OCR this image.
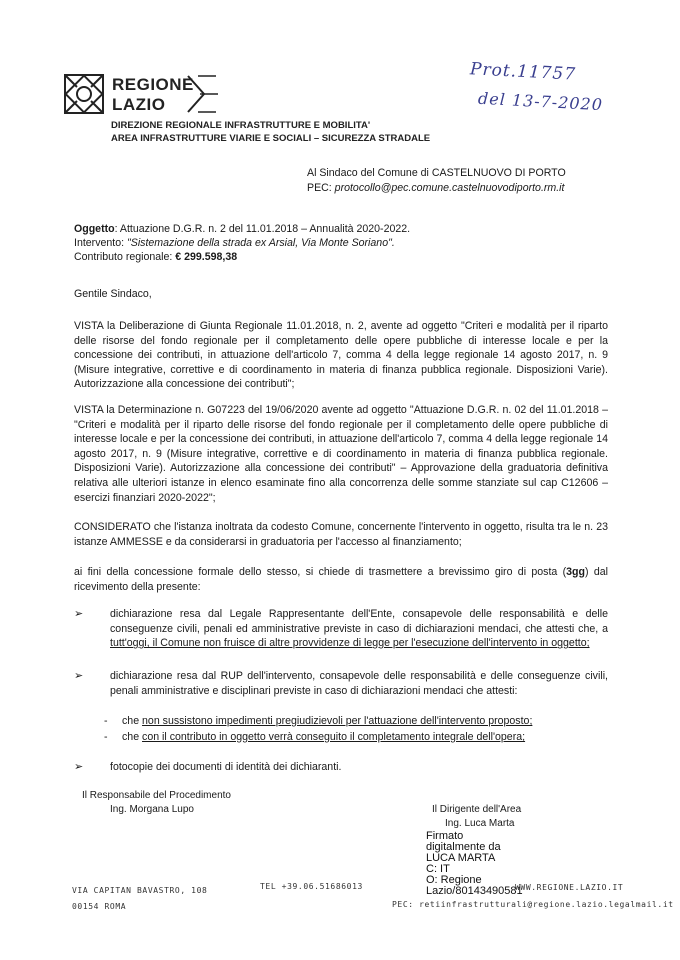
REGIONE
LAZIO
DIREZIONE REGIONALE INFRASTRUTTURE E MOBILITA'
AREA INFRASTRUTTURE VIARIE E SOCIALI – SICUREZZA STRADALE
Prot.11757
del 13-7-2020
Al Sindaco del Comune di CASTELNUOVO DI PORTO
PEC: protocollo@pec.comune.castelnuovodiporto.rm.it
Oggetto: Attuazione D.G.R. n. 2 del 11.01.2018 – Annualità 2020-2022.
Intervento: "Sistemazione della strada ex Arsial, Via Monte Soriano".
Contributo regionale: € 299.598,38
Gentile Sindaco,
VISTA la Deliberazione di Giunta Regionale 11.01.2018, n. 2, avente ad oggetto "Criteri e modalità per il riparto delle risorse del fondo regionale per il completamento delle opere pubbliche di interesse locale e per la concessione dei contributi, in attuazione dell'articolo 7, comma 4 della legge regionale 14 agosto 2017, n. 9 (Misure integrative, correttive e di coordinamento in materia di finanza pubblica regionale. Disposizioni Varie). Autorizzazione alla concessione dei contributi";
VISTA la Determinazione n. G07223 del 19/06/2020 avente ad oggetto "Attuazione D.G.R. n. 02 del 11.01.2018 – "Criteri e modalità per il riparto delle risorse del fondo regionale per il completamento delle opere pubbliche di interesse locale e per la concessione dei contributi, in attuazione dell'articolo 7, comma 4 della legge regionale 14 agosto 2017, n. 9 (Misure integrative, correttive e di coordinamento in materia di finanza pubblica regionale. Disposizioni Varie). Autorizzazione alla concessione dei contributi" – Approvazione della graduatoria definitiva relativa alle ulteriori istanze in elenco esaminate fino alla concorrenza delle somme stanziate sul cap C12606 –esercizi finanziari 2020-2022";
CONSIDERATO che l'istanza inoltrata da codesto Comune, concernente l'intervento in oggetto, risulta tra le n. 23 istanze AMMESSE e da considerarsi in graduatoria per l'accesso al finanziamento;
ai fini della concessione formale dello stesso, si chiede di trasmettere a brevissimo giro di posta (3gg) dal ricevimento della presente:
➢	dichiarazione resa dal Legale Rappresentante dell'Ente, consapevole delle responsabilità e delle conseguenze civili, penali ed amministrative previste in caso di dichiarazioni mendaci, che attesti che, a tutt'oggi, il Comune non fruisce di altre provvidenze di legge per l'esecuzione dell'intervento in oggetto;
➢	dichiarazione resa dal RUP dell'intervento, consapevole delle responsabilità e delle conseguenze civili, penali amministrative e disciplinari previste in caso di dichiarazioni mendaci che attesti:
- che non sussistono impedimenti pregiudizievoli per l'attuazione dell'intervento proposto;
- che con il contributo in oggetto verrà conseguito il completamento integrale dell'opera;
➢	fotocopie dei documenti di identità dei dichiaranti.
Il Responsabile del Procedimento
Ing. Morgana Lupo	Il Dirigente dell'Area
Ing. Luca Marta
Firmato
digitalmente da
LUCA MARTA
C: IT
O: Regione
Lazio/80143490581
VIA CAPITAN BAVASTRO, 108
00154 ROMA
TEL +39.06.51686013	WWW.REGIONE.LAZIO.IT
PEC: retiinfrastrutturali@regione.lazio.legalmail.it
